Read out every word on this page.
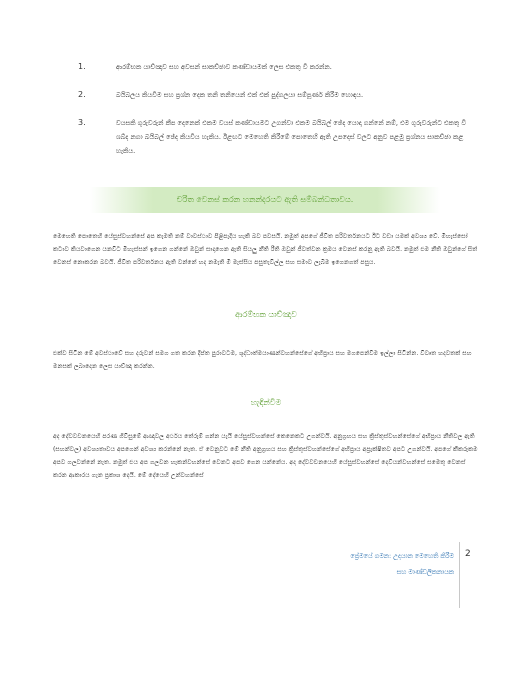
1.	ආරම්භක යාච්ඤාව සහ අවසන් සාකච්ඡාව කණ්ඩායමක් ලෙස එකතු වී කරන්න.
2.	බයිබලය කියවීම සහ ප්‍රශ්න දෙක තනි තනියෙන් එක් එක් පුද්ගලයා සම්පූර්ණ කිරීම හොඳය.
3.	වයසකි ගුරුවරුන් කීප දෙනෙක් එකම වයස් කණ්ඩායමට උගන්වා එකම බයිබල් ඡේද යොදා ගන්නේ නම්, එම ගුරුවරුන්ට එකතු වී ශබ්ද නගා බයිබල් ඡේද කියවිය හැකිය. ඊළඟට මෙහෙති කිරීමේ පොතෙහි ඇති උපදෙස් වලට අනුව පළමු ප්‍රශ්නය සාකච්ඡා කළ හැකිය.
චරිත වෙනස් කරන හනන්දරයට ඇති සම්බන්ධතාවය.
මෙහෙති පොතෙහි යේසුස්වහන්සේ අප කැමති නම් වාවස්ථාව පිළිපැදිය හැකි බව පවසයි. නමුත් අපගේ ජීවිත පරිවර්තනයට ඊට වඩා යමක් අවශ්‍ය වේ. මීහැස්සෝ කටාව කියවාගෙන යනවිට මීහැස්සන් ඉගෙන ගන්නේ ඔවුන් සාදාගෙන ඇති සියලු නීති රීති ඔවුන් ජීවත්වන ක්‍රමය වෙනස් කරනු ඇති බවයි. නමුත් එම නීති ඔවුන්ගේ සිත් වෙනස් නොකරන බවයි. ජීවිත පරිවර්තනය ඇති වන්නේ හද නමැති මී මැස්සිය පසුතැවිල්ල සහ සමාව ලැබීම ඉගෙනගත් පසුය.
ආරම්භක යාච්ඤාව
එක්ව සිටින මේ අවස්ථාවේ සහ දරුවන් සමග ගත කරන දීප්ත පුරාවටම, ශුද්ධාත්මයාණන්වහන්සේගේ අභිප්‍රාය සහ මගපෙන්වීම ඉල්ලා සිටින්න. විවෘත හදවතක් සහ මනසක් ලබාදෙන ලෙස යාච්ඤා කරන්න.
හැඳින්වීම
අද දේවවචනයෙහි පරණ ගිවිසුමේ ආඥාවල අර්ථය තේරුම් ගන්න යැයි යේසුස්වහන්සේ කෙනෙකට උගන්වයි. අනුග්‍රහය සහ ක්‍රිස්තුස්වහන්සේගේ අභිප්‍රාය නීතිවල ඇති (සහන්වල) අවශ්‍යතාවය අපගෙන් අවශ්‍ය කරන්නේ නැත. ඒ වෙනුවට මේ නීති අනුග්‍රහය සහ ක්‍රිස්තුස්වහන්සේගේ අභිප්‍රාය අප්‍රැක්ෂිතව අපට උගන්වයි. අපගේ කීකරුකම අපව ගලවන්නේ නැත. නමුත් එය අප ගලවන හැකන්වහන්සේ වෙනට අපව ගෙන යන්නේය. අද දේවවචනයෙහි යේසුස්වහන්සේ දෙවියන්වහන්සේ සමෙතු වෙනස් කරන ආකාරය ගැන ප්‍රකාශ දෙයි. මේ දේයෙහි උන්වහන්සේ
ප්‍රේමයේ ගමන: උදයාන මෙහෙති කිරීම
සහ මාණ්ඩලිකනායක
2
